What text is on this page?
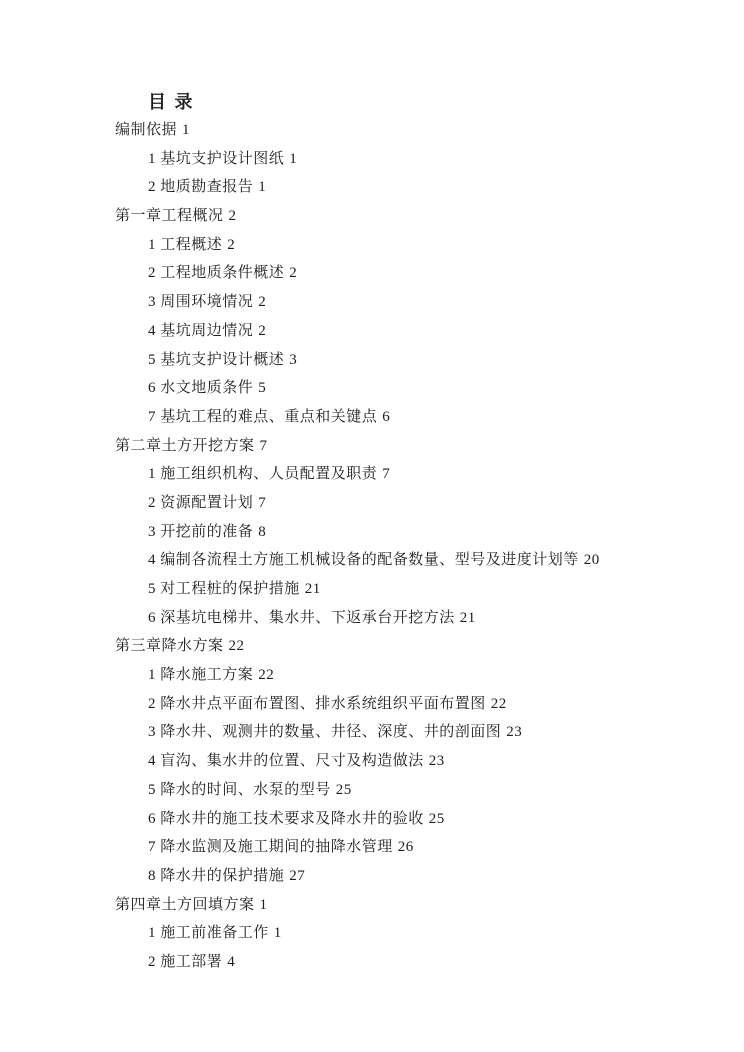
目 录
编制依据 1
1 基坑支护设计图纸 1
2 地质勘查报告 1
第一章工程概况 2
1 工程概述 2
2 工程地质条件概述 2
3 周围环境情况 2
4 基坑周边情况 2
5 基坑支护设计概述 3
6 水文地质条件 5
7 基坑工程的难点、重点和关键点 6
第二章土方开挖方案 7
1 施工组织机构、人员配置及职责 7
2 资源配置计划 7
3 开挖前的准备 8
4 编制各流程土方施工机械设备的配备数量、型号及进度计划等 20
5 对工程桩的保护措施 21
6 深基坑电梯井、集水井、下返承台开挖方法 21
第三章降水方案 22
1 降水施工方案 22
2 降水井点平面布置图、排水系统组织平面布置图 22
3 降水井、观测井的数量、井径、深度、井的剖面图 23
4 盲沟、集水井的位置、尺寸及构造做法 23
5 降水的时间、水泵的型号 25
6 降水井的施工技术要求及降水井的验收 25
7 降水监测及施工期间的抽降水管理 26
8 降水井的保护措施 27
第四章土方回填方案 1
1 施工前准备工作 1
2 施工部署 4
